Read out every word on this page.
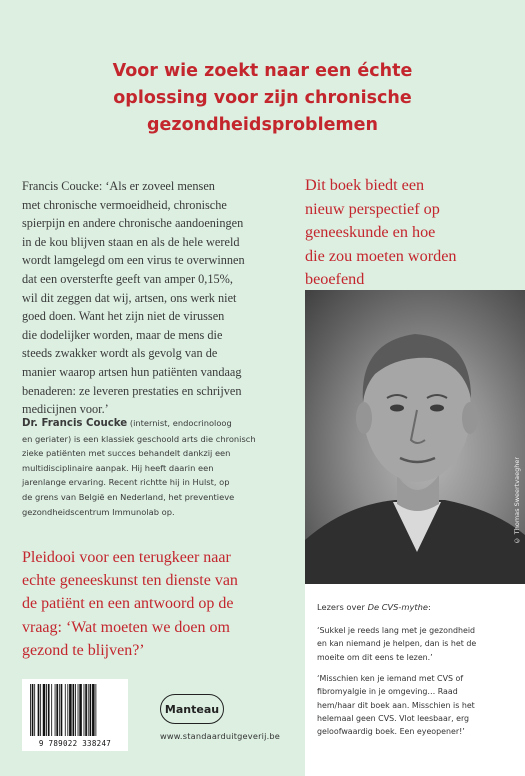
Voor wie zoekt naar een échte
oplossing voor zijn chronische
gezondheidsproblemen
Francis Coucke: ‘Als er zoveel mensen
met chronische vermoeidheid, chronische
spierpijn en andere chronische aandoeningen
in de kou blijven staan en als de hele wereld
wordt lamgelegd om een virus te overwinnen
dat een oversterfte geeft van amper 0,15%,
wil dit zeggen dat wij, artsen, ons werk niet
goed doen. Want het zijn niet de virussen
die dodelijker worden, maar de mens die
steeds zwakker wordt als gevolg van de
manier waarop artsen hun patiënten vandaag
benaderen: ze leveren prestaties en schrijven
medicijnen voor.’
Dit boek biedt een
nieuw perspectief op
geneeskunde en hoe
die zou moeten worden
beoefend
© Thomas Sweertvaegher
Dr. Francis Coucke (internist, endocrinoloog
en geriater) is een klassiek geschoold arts die chronisch
zieke patiënten met succes behandelt dankzij een
multidisciplinaire aanpak. Hij heeft daarin een
jarenlange ervaring. Recent richtte hij in Hulst, op
de grens van België en Nederland, het preventieve
gezondheidscentrum Immunolab op.
Pleidooi voor een terugkeer naar
echte geneeskunst ten dienste van
de patiënt en een antwoord op de
vraag: ‘Wat moeten we doen om
gezond te blijven?’
Lezers over De CVS-mythe:
‘Sukkel je reeds lang met je gezondheid
en kan niemand je helpen, dan is het de
moeite om dit eens te lezen.’
‘Misschien ken je iemand met CVS of
fibromyalgie in je omgeving… Raad
hem/haar dit boek aan. Misschien is het
helemaal geen CVS. Vlot leesbaar, erg
geloofwaardig boek. Een eyeopener!’
9 789022 338247
Manteau
www.standaarduitgeverij.be
